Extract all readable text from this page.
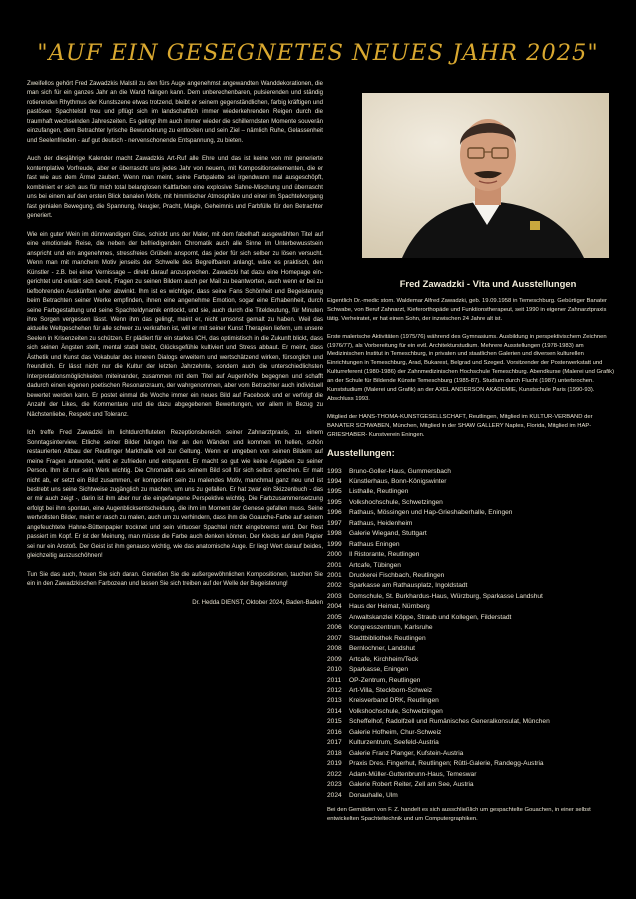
"AUF EIN GESEGNETES NEUES JAHR 2025"

Zweifellos gehört Fred Zawadzkis Malstil zu den fürs Auge angenehmst angewandten Wanddekorationen, die man sich für ein ganzes Jahr an die Wand hängen kann. Dem unberechenbaren, pulsierenden und ständig rotierenden Rhythmus der Kunstszene etwas trotzend, bleibt er seinem gegenständlichen, farbig kräftigen und pastösen Spachtelstil treu und pflügt sich im landschaftlich immer wiederkehrenden Reigen durch die traumhaft wechselnden Jahreszeiten. Es gelingt ihm auch immer wieder die schillerndsten Momente souverän einzufangen, dem Betrachter lyrische Bewunderung zu entlocken und sein Ziel – nämlich Ruhe, Gelassenheit und Seelenfrieden - auf gut deutsch - nervenschonende Entspannung, zu bieten.

Auch der diesjährige Kalender macht Zawadzkis Art-Ruf alle Ehre und das ist keine von mir generierte kontemplative Vorfreude, aber er überrascht uns jedes Jahr von neuem, mit Kompositionselementen, die er fast wie aus dem Ärmel zaubert. Wenn man meint, seine Farbpalette sei irgendwann mal ausgeschöpft, kombiniert er sich aus für mich total belanglosen Kaltfarben eine explosive Sahne-Mischung und überrascht uns bei einem auf den ersten Blick banalen Motiv, mit himmlischer Atmosphäre und einer im Spachtelvorgang fast genialen Bewegung, die Spannung, Neugier, Pracht, Magie, Geheimnis und Farbfülle für den Betrachter generiert.

Wie ein guter Wein im dünnwandigen Glas, schickt uns der Maler, mit dem fabelhaft ausgewählten Titel auf eine emotionale Reise, die neben der befriedigenden Chromatik auch alle Sinne im Unterbewusstsein anspricht und ein angenehmes, stressfreies Grübeln anspornt, das jeder für sich selber zu lösen versucht. Wenn man mit manchem Motiv jenseits der Schwelle des Begreifbaren anlangt, wäre es praktisch, den Künstler - z.B. bei einer Vernissage – direkt darauf anzusprechen. Zawadzki hat dazu eine Homepage eingerichtet und erklärt sich bereit, Fragen zu seinen Bildern auch per Mail zu beantworten, auch wenn er bei zu tiefbohrenden Auskünften eher abwinkt. Ihm ist es wichtiger, dass seine Fans Schönheit und Begeisterung beim Betrachten seiner Werke empfinden, ihnen eine angenehme Emotion, sogar eine Erhabenheit, durch seine Farbgestaltung und seine Spachteldynamik entlockt, und sie, auch durch die Titeldeutung, für Minuten ihre Sorgen vergessen lässt. Wenn ihm das gelingt, meint er, nicht umsonst gemalt zu haben. Weil das aktuelle Weltgeschehen für alle schwer zu verkraften ist, will er mit seiner Kunst Therapien liefern, um unsere Seelen in Krisenzeiten zu schützen. Er plädiert für ein starkes ICH, das optimistisch in die Zukunft blickt, dass sich seinen Ängsten stellt, mental stabil bleibt, Glücksgefühle kultiviert und Stress abbaut. Er meint, dass Ästhetik und Kunst das Vokabular des inneren Dialogs erweitern und wertschätzend wirken, fürsorglich und freundlich. Er lässt nicht nur die Kultur der letzten Jahrzehnte, sondern auch die unterschiedlichsten Interpretationsmöglichkeiten miteinander, zusammen mit dem Titel auf Augenhöhe begegnen und schafft dadurch einen eigenen poetischen Resonanzraum, der wahrgenommen, aber vom Betrachter auch individuell bewertet werden kann. Er postet einmal die Woche immer ein neues Bild auf Facebook und er verfolgt die Anzahl der Likes, die Kommentare und die dazu abgegebenen Bewertungen, vor allem in Bezug zu Nächstenliebe, Respekt und Toleranz.

Ich treffe Fred Zawadzki im lichtdurchfluteten Rezeptionsbereich seiner Zahnarztpraxis, zu einem Sonntagsinterview. Etliche seiner Bilder hängen hier an den Wänden und kommen im hellen, schön restaurierten Altbau der Reutlinger Markthalle voll zur Geltung. Wenn er umgeben von seinen Bildern auf meine Fragen antwortet, wirkt er zufrieden und entspannt. Er macht so gut wie keine Angaben zu seiner Person. Ihm ist nur sein Werk wichtig. Die Chromatik aus seinem Bild soll für sich selbst sprechen. Er malt nicht ab, er setzt ein Bild zusammen, er komponiert sein zu malendes Motiv, manchmal ganz neu und ist bestrebt uns seine Sichtweise zugänglich zu machen, um uns zu gefallen. Er hat zwar ein Skizzenbuch - das er mir auch zeigt -, darin ist ihm aber nur die eingefangene Perspektive wichtig. Die Farbzusammensetzung erfolgt bei ihm spontan, eine Augenblicksentscheidung, die ihm im Moment der Genese gefallen muss. Seine wertvollsten Bilder, meint er rasch zu malen, auch um zu verhindern, dass ihm die Goauche-Farbe auf seinem angefeuchtete Hahne-Büttenpapier trocknet und sein virtuoser Spachtel nicht eingebremst wird. Der Rest passiert im Kopf. Er ist der Meinung, man müsse die Farbe auch denken können. Der Klecks auf dem Papier sei nur ein Anstoß. Der Geist ist ihm genauso wichtig, wie das anatomische Auge. Er liegt Wert darauf beides, gleichzeitig auszuschöhnen!

Tun Sie das auch, freuen Sie sich daran. Genießen Sie die außergewöhnlichen Kompositionen, tauchen Sie ein in den Zawadzkischen Farbozean und lassen Sie sich treiben auf der Welle der Begeisterung!

Dr. Hedda DIENST, Oktober 2024, Baden-Baden

Fred Zawadzki - Vita und Ausstellungen

Eigentlich Dr.-medic stom. Waldemar Alfred Zawadzki, geb. 19.09.1958 in Temeschburg. Gebürtiger Banater Schwabe, von Beruf Zahnarzt, Kieferorthopäde und Funktionstherapeut, seit 1990 in eigener Zahnarztpraxis tätig. Verheiratet, er hat einen Sohn, der inzwischen 24 Jahre alt ist.

Erste malerische Aktivitäten (1975/76) während des Gymnasiums. Ausbildung in perspektivischem Zeichnen (1976/77), als Vorbereitung für ein evtl. Architekturstudium. Mehrere Ausstellungen (1978-1983) am Medizinischen Institut in Temeschburg, in privaten und staatlichen Galerien und diversen kulturellen Einrichtungen in Temeschburg, Arad, Bukarest, Belgrad und Szeged. Vorsitzender der Posterwerkstatt und Kulturreferent (1980-1986) der Zahnmedizinischen Hochschule Temeschburg. Abendkurse (Malerei und Grafik) an der Schule für Bildende Künste Temeschburg (1985-87). Studium durch Flucht (1987) unterbrochen. Kunststudium (Malerei und Grafik) an der AXEL ANDERSON AKADEMIE, Kunstschule Paris (1990-93). Abschluss 1993.

Mitglied der HANS-THOMA-KUNSTGESELLSCHAFT, Reutlingen, Mitglied im KULTUR-VERBAND der BANATER SCHWABEN, München, Mitglied in der SHAW GALLERY Naples, Florida, Mitglied im HAP-GRIESHABER- Kunstverein Eningen.

Ausstellungen:
1993	Bruno-Goller-Haus, Gummersbach
1994	Künstlerhaus, Bonn-Königswinter
1995	Listhalle, Reutlingen
1995	Volkshochschule, Schwetzingen
1996	Rathaus, Mössingen und Hap-Grieshaberhalle, Eningen
1997	Rathaus, Heidenheim
1998	Galerie Wiegand, Stuttgart
1999	Rathaus Eningen
2000	Il Ristorante, Reutlingen
2001	Artcafe, Tübingen
2001	Druckerei Fischbach, Reutlingen
2002	Sparkasse am Rathausplatz, Ingoldstadt
2003	Domschule, St. Burkhardus-Haus, Würzburg, Sparkasse Landshut
2004	Haus der Heimat, Nürnberg
2005	Anwaltskanzlei Köppe, Straub und Kollegen, Filderstadt
2006	Kongresszentrum, Karlsruhe
2007	Stadtbibliothek Reutlingen
2008	Bernlochner, Landshut
2009	Artcafe, Kirchheim/Teck
2010	Sparkasse, Eningen
2011	OP-Zentrum, Reutlingen
2012	Art-Villa, Steckborn-Schweiz
2013	Kreisverband DRK, Reutlingen
2014	Volkshochschule, Schwetzingen
2015	Scheffelhof, Radolfzell und Rumänisches Generalkonsulat, München
2016	Galerie Hofheim, Chur-Schweiz
2017	Kulturzentrum, Seefeld-Austria
2018	Galerie Franz Planger, Kufstein-Austria
2019	Praxis Dres. Fingerhut, Reutlingen; Rütti-Galerie, Randegg-Austria
2022	Adam-Müller-Guttenbrunn-Haus, Temeswar
2023	Galerie Robert Reiter, Zell am See, Austria
2024	Donauhalle, Ulm

Bei den Gemälden von F. Z. handelt es sich ausschließlich um gespachtelte Gouachen, in einer selbst entwickelten Spachteltechnik und um Computergraphiken.
